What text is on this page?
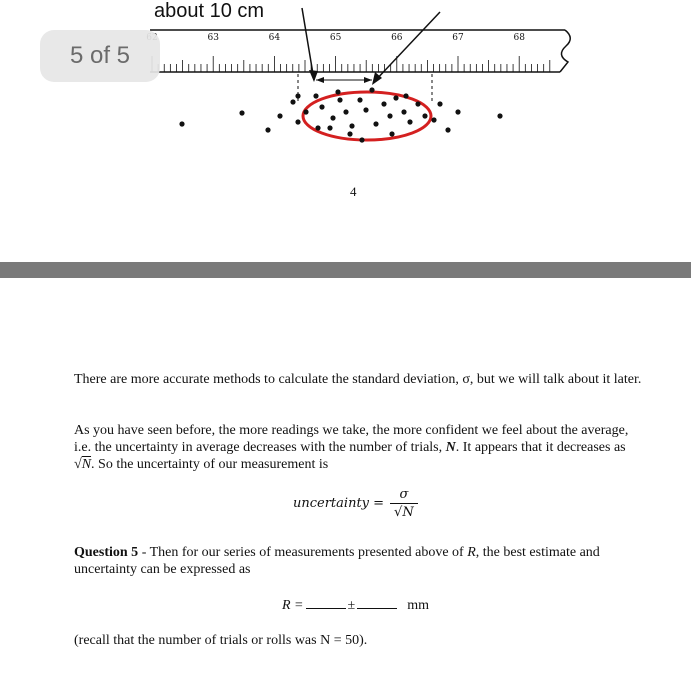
63	64	65	66	67	68
about 10 cm
5 of 5
4
There are more accurate methods to calculate the standard deviation, σ, but we will talk about it later.
As you have seen before, the more readings we take, the more confident we feel about the average, i.e. the uncertainty in average decreases with the number of trials, N. It appears that it decreases as √N. So the uncertainty of our measurement is
uncertainty = $\frac{\sigma}{√N}$
Question 5 - Then for our series of measurements presented above of R, the best estimate and uncertainty can be expressed as
R =	±	mm
(recall that the number of trials or rolls was N = 50).
